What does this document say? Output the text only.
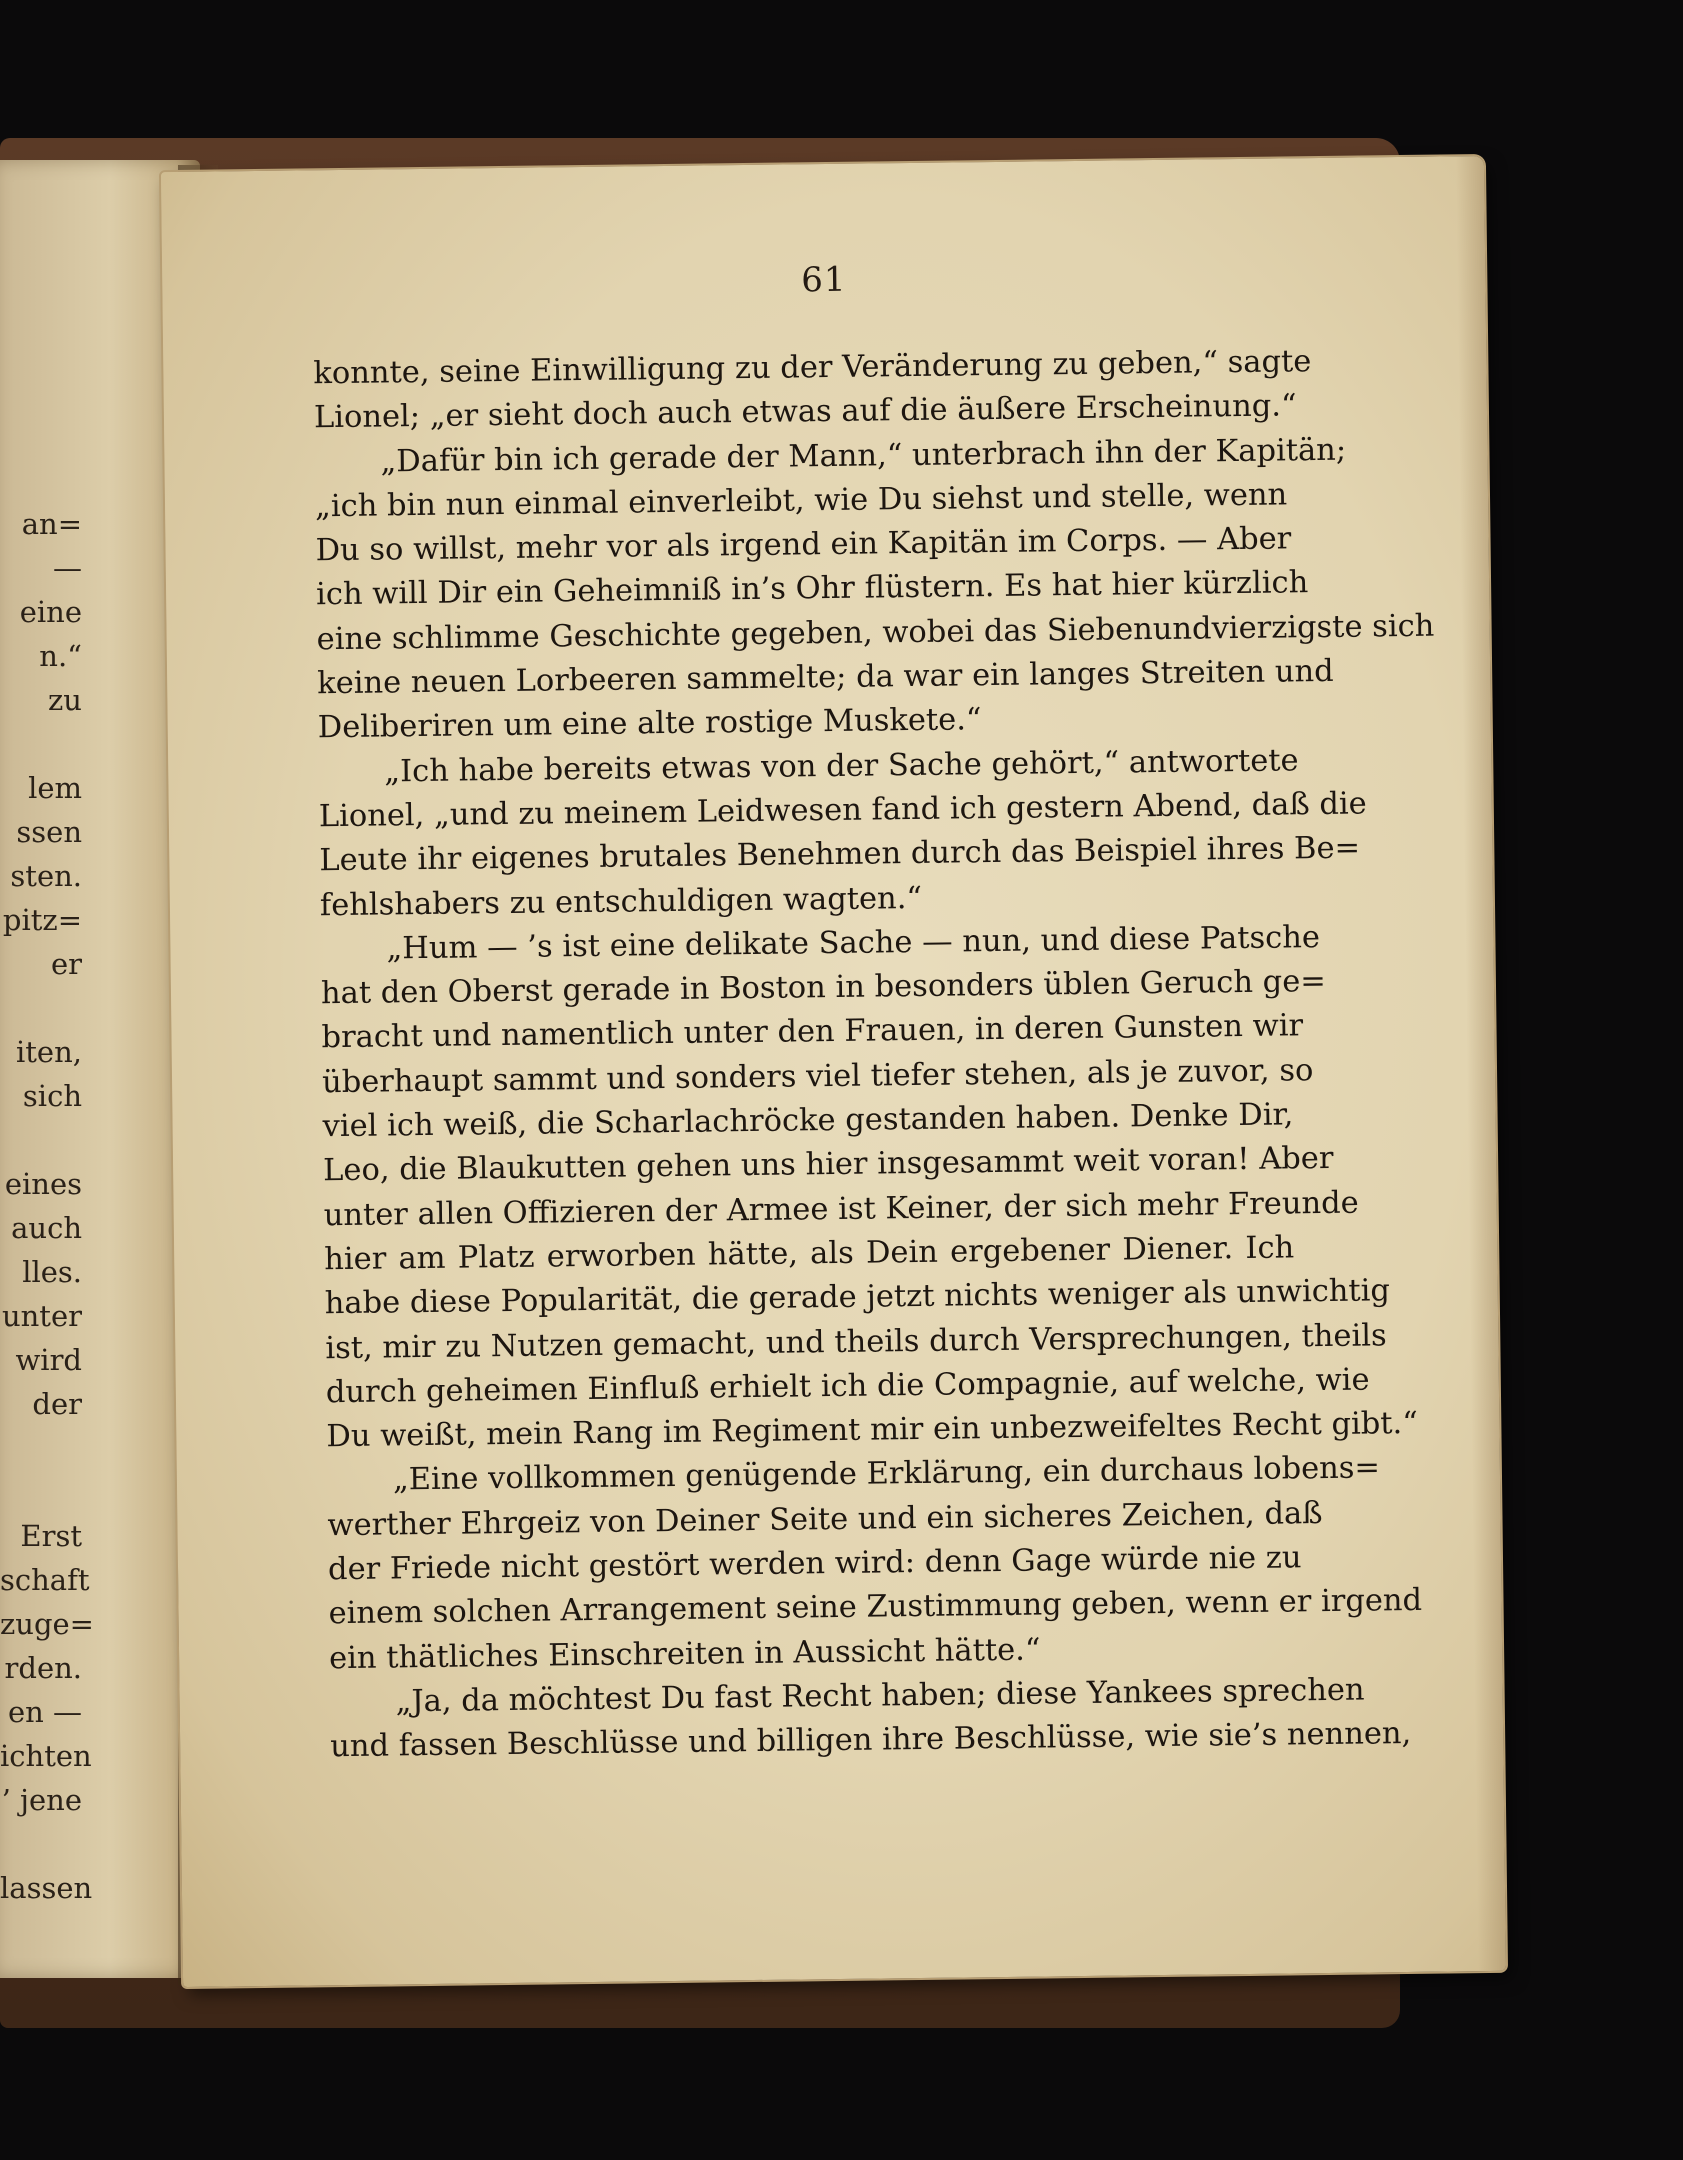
an=
—
eine
n.“
zu
lem
ssen
sten.
pitz=
er
iten,
sich
eines
auch
lles.
unter
wird
der
Erst
schaft
zuge=
rden.
en —
ichten
’ jene
lassen
61
konnte, seine Einwilligung zu der Veränderung zu geben,“ sagte
Lionel; „er sieht doch auch etwas auf die äußere Erscheinung.“
„Dafür bin ich gerade der Mann,“ unterbrach ihn der Kapitän;
„ich bin nun einmal einverleibt, wie Du siehst und stelle, wenn
Du so willst, mehr vor als irgend ein Kapitän im Corps. — Aber
ich will Dir ein Geheimniß in’s Ohr flüstern. Es hat hier kürzlich
eine schlimme Geschichte gegeben, wobei das Siebenundvierzigste sich
keine neuen Lorbeeren sammelte; da war ein langes Streiten und
Deliberiren um eine alte rostige Muskete.“
„Ich habe bereits etwas von der Sache gehört,“ antwortete
Lionel, „und zu meinem Leidwesen fand ich gestern Abend, daß die
Leute ihr eigenes brutales Benehmen durch das Beispiel ihres Be=
fehlshabers zu entschuldigen wagten.“
„Hum — ’s ist eine delikate Sache — nun, und diese Patsche
hat den Oberst gerade in Boston in besonders üblen Geruch ge=
bracht und namentlich unter den Frauen, in deren Gunsten wir
überhaupt sammt und sonders viel tiefer stehen, als je zuvor, so
viel ich weiß, die Scharlachröcke gestanden haben. Denke Dir,
Leo, die Blaukutten gehen uns hier insgesammt weit voran! Aber
unter allen Offizieren der Armee ist Keiner, der sich mehr Freunde
hier am Platz erworben hätte, als Dein ergebener Diener. Ich
habe diese Popularität, die gerade jetzt nichts weniger als unwichtig
ist, mir zu Nutzen gemacht, und theils durch Versprechungen, theils
durch geheimen Einfluß erhielt ich die Compagnie, auf welche, wie
Du weißt, mein Rang im Regiment mir ein unbezweifeltes Recht gibt.“
„Eine vollkommen genügende Erklärung, ein durchaus lobens=
werther Ehrgeiz von Deiner Seite und ein sicheres Zeichen, daß
der Friede nicht gestört werden wird: denn Gage würde nie zu
einem solchen Arrangement seine Zustimmung geben, wenn er irgend
ein thätliches Einschreiten in Aussicht hätte.“
„Ja, da möchtest Du fast Recht haben; diese Yankees sprechen
und fassen Beschlüsse und billigen ihre Beschlüsse, wie sie’s nennen,
